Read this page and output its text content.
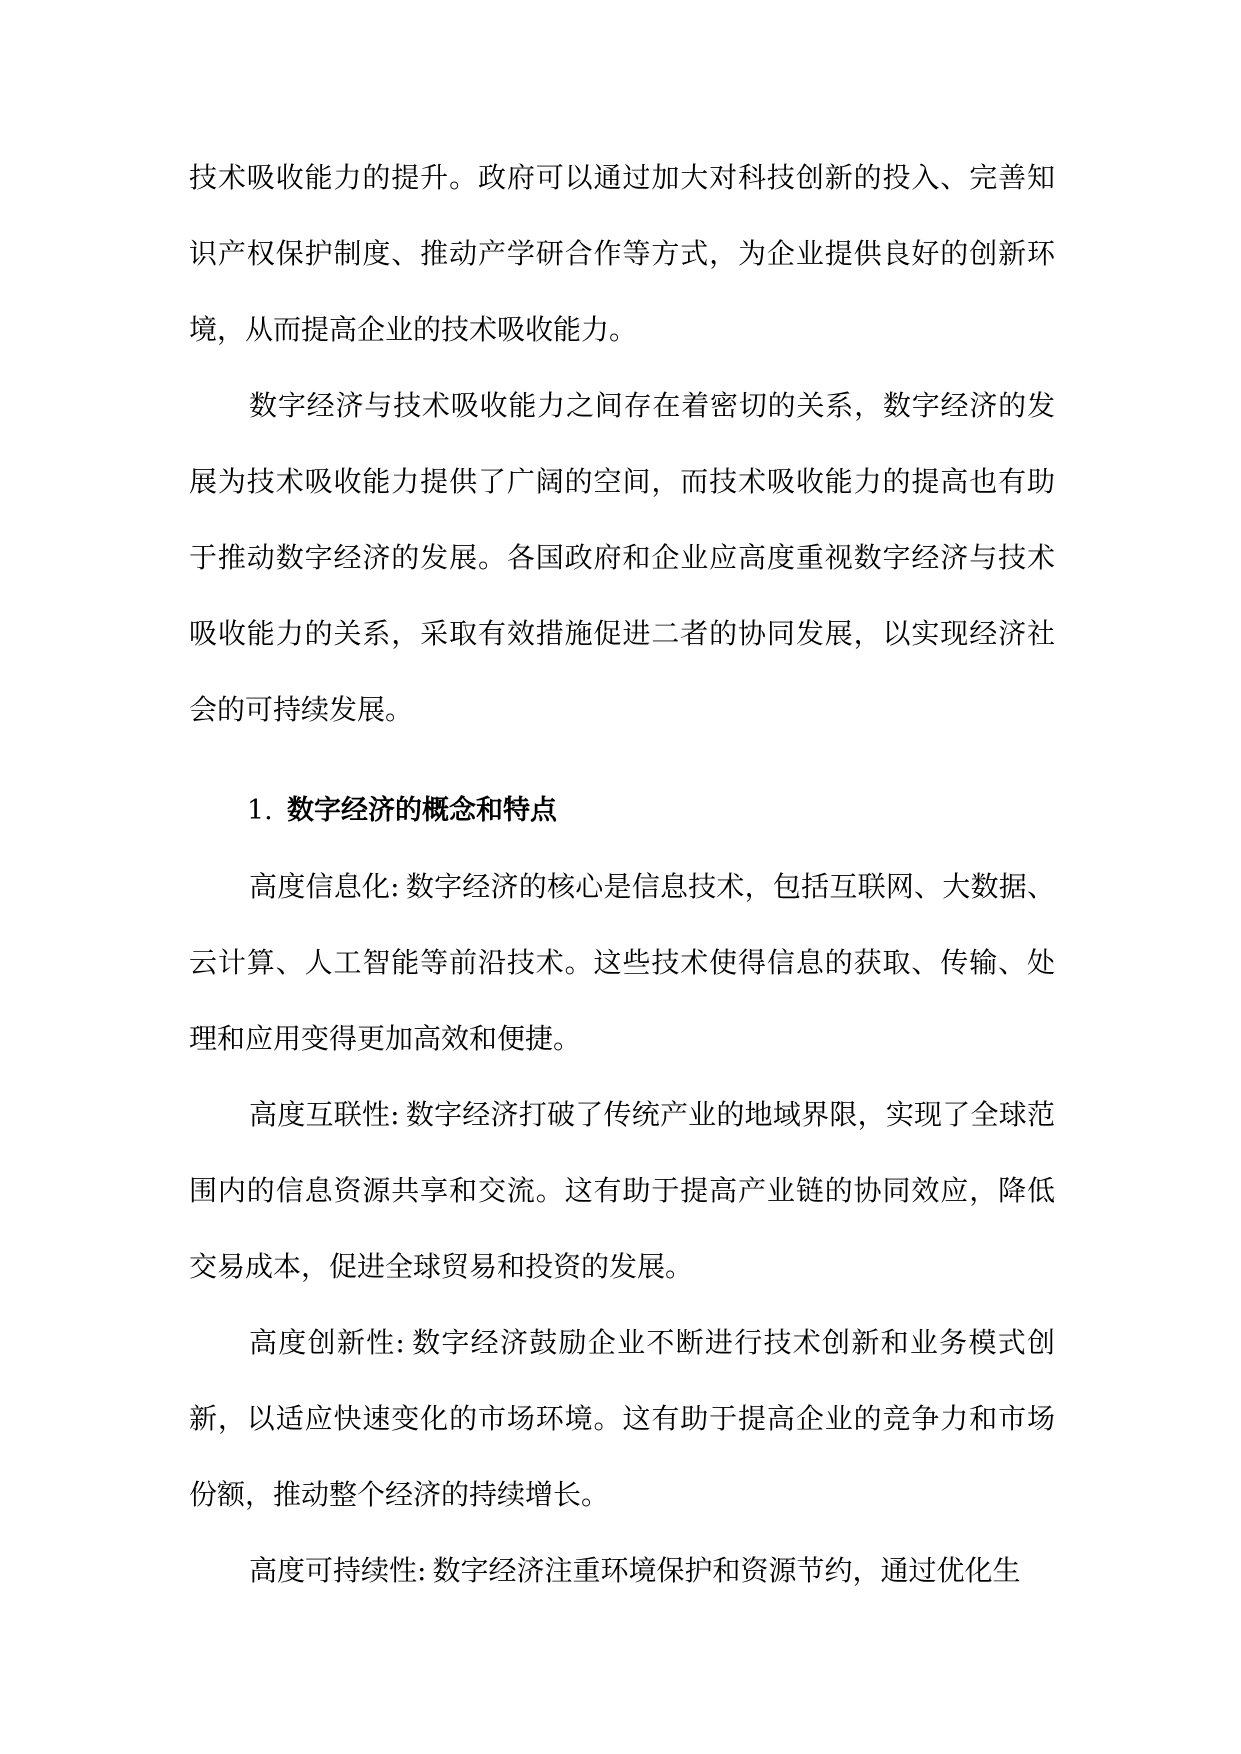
技术吸收能力的提升。政府可以通过加大对科技创新的投入、完善知识产权保护制度、推动产学研合作等方式，为企业提供良好的创新环境，从而提高企业的技术吸收能力。

数字经济与技术吸收能力之间存在着密切的关系，数字经济的发展为技术吸收能力提供了广阔的空间，而技术吸收能力的提高也有助于推动数字经济的发展。各国政府和企业应高度重视数字经济与技术吸收能力的关系，采取有效措施促进二者的协同发展，以实现经济社会的可持续发展。

1. 数字经济的概念和特点

高度信息化: 数字经济的核心是信息技术，包括互联网、大数据、云计算、人工智能等前沿技术。这些技术使得信息的获取、传输、处理和应用变得更加高效和便捷。

高度互联性: 数字经济打破了传统产业的地域界限，实现了全球范围内的信息资源共享和交流。这有助于提高产业链的协同效应，降低交易成本，促进全球贸易和投资的发展。

高度创新性: 数字经济鼓励企业不断进行技术创新和业务模式创新，以适应快速变化的市场环境。这有助于提高企业的竞争力和市场份额，推动整个经济的持续增长。

高度可持续性: 数字经济注重环境保护和资源节约，通过优化生
